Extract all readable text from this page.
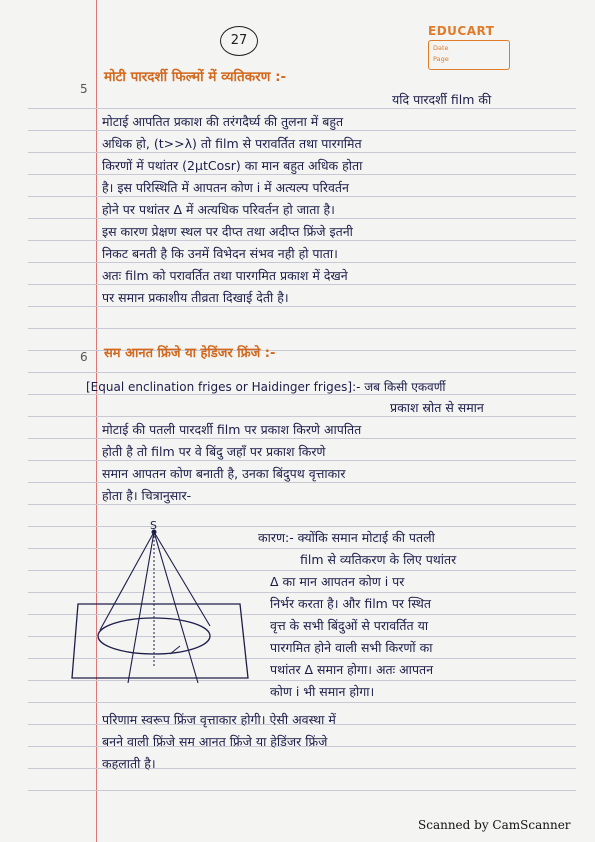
27
EDUCART
Date
Page
5
मोटी पारदर्शी फिल्मों में व्यतिकरण :-
यदि पारदर्शी film की
मोटाई आपतित प्रकाश की तरंगदैर्घ्य की तुलना में बहुत
अधिक हो, (t>>λ) तो film से परावर्तित तथा पारगमित
किरणों में पथांतर (2μtCosr) का मान बहुत अधिक होता
है। इस परिस्थिति में आपतन कोण i में अत्यल्प परिवर्तन
होने पर पथांतर Δ में अत्यधिक परिवर्तन हो जाता है।
इस कारण प्रेक्षण स्थल पर दीप्त तथा अदीप्त फ्रिंजे इतनी
निकट बनती है कि उनमें विभेदन संभव नही हो पाता।
अतः film को परावर्तित तथा पारगमित प्रकाश में देखने
पर समान प्रकाशीय तीव्रता दिखाई देती है।
6 सम आनत फ्रिंजे या हेडिंजर फ्रिंजे :-
[Equal enclination friges or Haidinger friges]:- जब किसी एकवर्णी
प्रकाश स्रोत से समान
मोटाई की पतली पारदर्शी film पर प्रकाश किरणे आपतित
होती है तो film पर वे बिंदु जहाँ पर प्रकाश किरणे
समान आपतन कोण बनाती है, उनका बिंदुपथ वृत्ताकार
होता है। चित्रानुसार-
S
कारण:- क्योंकि समान मोटाई की पतली
film से व्यतिकरण के लिए पथांतर
Δ का मान आपतन कोण i पर
निर्भर करता है। और film पर स्थित
वृत्त के सभी बिंदुओं से परावर्तित या
पारगमित होने वाली सभी किरणों का
पथांतर Δ समान होगा। अतः आपतन
कोण i भी समान होगा।
परिणाम स्वरूप फ्रिंज वृत्ताकार होगी। ऐसी अवस्था में
बनने वाली फ्रिंजे सम आनत फ्रिंजे या हेडिंजर फ्रिंजे
कहलाती है।
Scanned by CamScanner
